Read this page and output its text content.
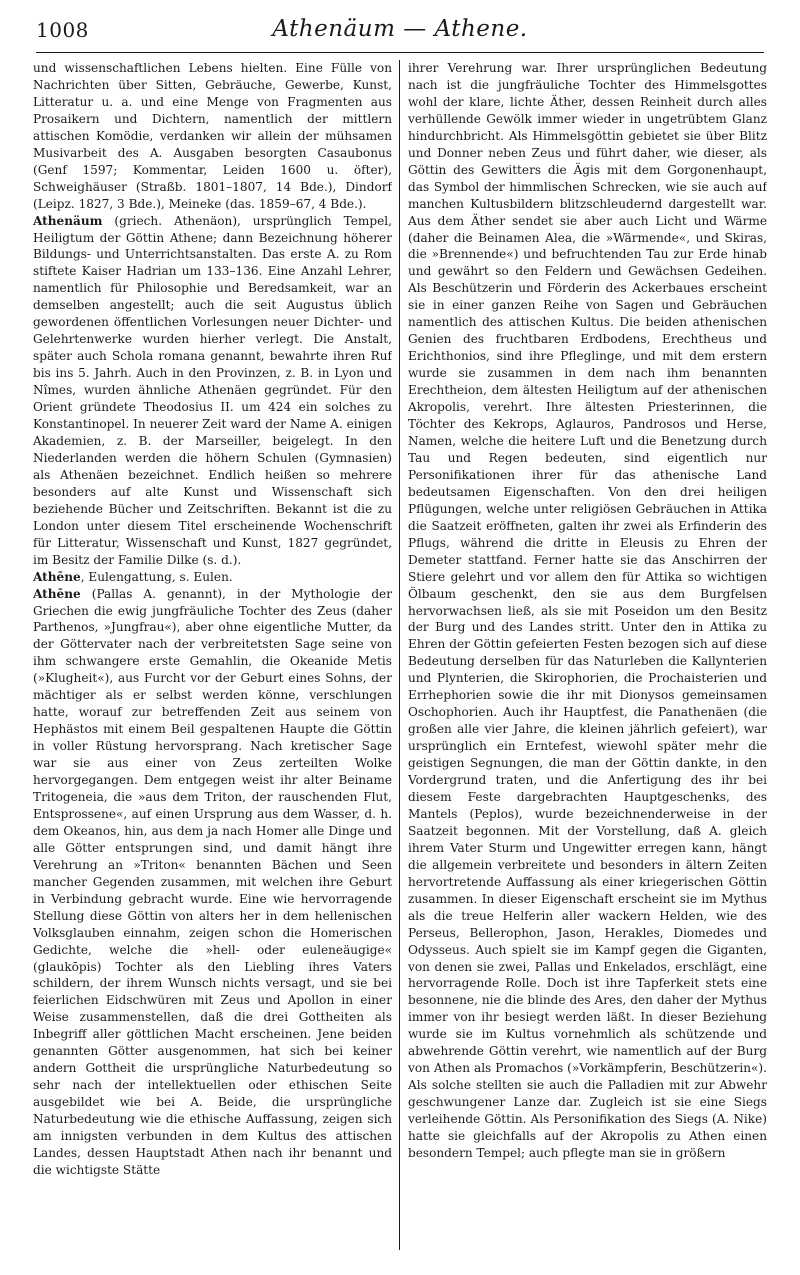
1008	Athenäum — Athene.

und wissenschaftlichen Lebens hielten. Eine Fülle von Nachrichten über Sitten, Gebräuche, Gewerbe, Kunst, Litteratur u. a. und eine Menge von Fragmenten aus Prosaikern und Dichtern, namentlich der mittlern attischen Komödie, verdanken wir allein der mühsamen Musivarbeit des A. Ausgaben besorgten Casaubonus (Genf 1597; Kommentar, Leiden 1600 u. öfter), Schweighäuser (Straßb. 1801–1807, 14 Bde.), Dindorf (Leipz. 1827, 3 Bde.), Meineke (das. 1859–67, 4 Bde.).

Athenäum (griech. Athenäon), ursprünglich Tempel, Heiligtum der Göttin Athene; dann Bezeichnung höherer Bildungs- und Unterrichtsanstalten. Das erste A. zu Rom stiftete Kaiser Hadrian um 133–136. Eine Anzahl Lehrer, namentlich für Philosophie und Beredsamkeit, war an demselben angestellt; auch die seit Augustus üblich gewordenen öffentlichen Vorlesungen neuer Dichter- und Gelehrtenwerke wurden hierher verlegt. Die Anstalt, später auch Schola romana genannt, bewahrte ihren Ruf bis ins 5. Jahrh. Auch in den Provinzen, z. B. in Lyon und Nîmes, wurden ähnliche Athenäen gegründet. Für den Orient gründete Theodosius II. um 424 ein solches zu Konstantinopel. In neuerer Zeit ward der Name A. einigen Akademien, z. B. der Marseiller, beigelegt. In den Niederlanden werden die höhern Schulen (Gymnasien) als Athenäen bezeichnet. Endlich heißen so mehrere besonders auf alte Kunst und Wissenschaft sich beziehende Bücher und Zeitschriften. Bekannt ist die zu London unter diesem Titel erscheinende Wochenschrift für Litteratur, Wissenschaft und Kunst, 1827 gegründet, im Besitz der Familie Dilke (s. d.).

Athēne, Eulengattung, s. Eulen.

Athēne (Pallas A. genannt), in der Mythologie der Griechen die ewig jungfräuliche Tochter des Zeus (daher Parthenos, »Jungfrau«), aber ohne eigentliche Mutter, da der Göttervater nach der verbreitetsten Sage seine von ihm schwangere erste Gemahlin, die Okeanide Metis (»Klugheit«), aus Furcht vor der Geburt eines Sohns, der mächtiger als er selbst werden könne, verschlungen hatte, worauf zur betreffenden Zeit aus seinem von Hephästos mit einem Beil gespaltenen Haupte die Göttin in voller Rüstung hervorsprang. Nach kretischer Sage war sie aus einer von Zeus zerteilten Wolke hervorgegangen. Dem entgegen weist ihr alter Beiname Tritogeneia, die »aus dem Triton, der rauschenden Flut, Entsprossene«, auf einen Ursprung aus dem Wasser, d. h. dem Okeanos, hin, aus dem ja nach Homer alle Dinge und alle Götter entsprungen sind, und damit hängt ihre Verehrung an »Triton« benannten Bächen und Seen mancher Gegenden zusammen, mit welchen ihre Geburt in Verbindung gebracht wurde. Eine wie hervorragende Stellung diese Göttin von alters her in dem hellenischen Volksglauben einnahm, zeigen schon die Homerischen Gedichte, welche die »hell- oder euleneäugige« (glaukōpis) Tochter als den Liebling ihres Vaters schildern, der ihrem Wunsch nichts versagt, und sie bei feierlichen Eidschwüren mit Zeus und Apollon in einer Weise zusammenstellen, daß die drei Gottheiten als Inbegriff aller göttlichen Macht erscheinen. Jene beiden genannten Götter ausgenommen, hat sich bei keiner andern Gottheit die ursprüngliche Naturbedeutung so sehr nach der intellektuellen oder ethischen Seite ausgebildet wie bei A. Beide, die ursprüngliche Naturbedeutung wie die ethische Auffassung, zeigen sich am innigsten verbunden in dem Kultus des attischen Landes, dessen Hauptstadt Athen nach ihr benannt und die wichtigste Stätte

ihrer Verehrung war. Ihrer ursprünglichen Bedeutung nach ist die jungfräuliche Tochter des Himmelsgottes wohl der klare, lichte Äther, dessen Reinheit durch alles verhüllende Gewölk immer wieder in ungetrübtem Glanz hindurchbricht. Als Himmelsgöttin gebietet sie über Blitz und Donner neben Zeus und führt daher, wie dieser, als Göttin des Gewitters die Ägis mit dem Gorgonenhaupt, das Symbol der himmlischen Schrecken, wie sie auch auf manchen Kultusbildern blitzschleudernd dargestellt war. Aus dem Äther sendet sie aber auch Licht und Wärme (daher die Beinamen Alea, die »Wärmende«, und Skiras, die »Brennende«) und befruchtenden Tau zur Erde hinab und gewährt so den Feldern und Gewächsen Gedeihen. Als Beschützerin und Förderin des Ackerbaues erscheint sie in einer ganzen Reihe von Sagen und Gebräuchen namentlich des attischen Kultus. Die beiden athenischen Genien des fruchtbaren Erdbodens, Erechtheus und Erichthonios, sind ihre Pfleglinge, und mit dem erstern wurde sie zusammen in dem nach ihm benannten Erechtheion, dem ältesten Heiligtum auf der athenischen Akropolis, verehrt. Ihre ältesten Priesterinnen, die Töchter des Kekrops, Aglauros, Pandrosos und Herse, Namen, welche die heitere Luft und die Benetzung durch Tau und Regen bedeuten, sind eigentlich nur Personifikationen ihrer für das athenische Land bedeutsamen Eigenschaften. Von den drei heiligen Pflügungen, welche unter religiösen Gebräuchen in Attika die Saatzeit eröffneten, galten ihr zwei als Erfinderin des Pflugs, während die dritte in Eleusis zu Ehren der Demeter stattfand. Ferner hatte sie das Anschirren der Stiere gelehrt und vor allem den für Attika so wichtigen Ölbaum geschenkt, den sie aus dem Burgfelsen hervorwachsen ließ, als sie mit Poseidon um den Besitz der Burg und des Landes stritt. Unter den in Attika zu Ehren der Göttin gefeierten Festen bezogen sich auf diese Bedeutung derselben für das Naturleben die Kallynterien und Plynterien, die Skirophorien, die Prochaisterien und Errhephorien sowie die ihr mit Dionysos gemeinsamen Oschophorien. Auch ihr Hauptfest, die Panathenäen (die großen alle vier Jahre, die kleinen jährlich gefeiert), war ursprünglich ein Erntefest, wiewohl später mehr die geistigen Segnungen, die man der Göttin dankte, in den Vordergrund traten, und die Anfertigung des ihr bei diesem Feste dargebrachten Hauptgeschenks, des Mantels (Peplos), wurde bezeichnenderweise in der Saatzeit begonnen. Mit der Vorstellung, daß A. gleich ihrem Vater Sturm und Ungewitter erregen kann, hängt die allgemein verbreitete und besonders in ältern Zeiten hervortretende Auffassung als einer kriegerischen Göttin zusammen. In dieser Eigenschaft erscheint sie im Mythus als die treue Helferin aller wackern Helden, wie des Perseus, Bellerophon, Jason, Herakles, Diomedes und Odysseus. Auch spielt sie im Kampf gegen die Giganten, von denen sie zwei, Pallas und Enkelados, erschlägt, eine hervorragende Rolle. Doch ist ihre Tapferkeit stets eine besonnene, nie die blinde des Ares, den daher der Mythus immer von ihr besiegt werden läßt. In dieser Beziehung wurde sie im Kultus vornehmlich als schützende und abwehrende Göttin verehrt, wie namentlich auf der Burg von Athen als Promachos (»Vorkämpferin, Beschützerin«). Als solche stellten sie auch die Palladien mit zur Abwehr geschwungener Lanze dar. Zugleich ist sie eine Siegs verleihende Göttin. Als Personifikation des Siegs (A. Nike) hatte sie gleichfalls auf der Akropolis zu Athen einen besondern Tempel; auch pflegte man sie in größern
